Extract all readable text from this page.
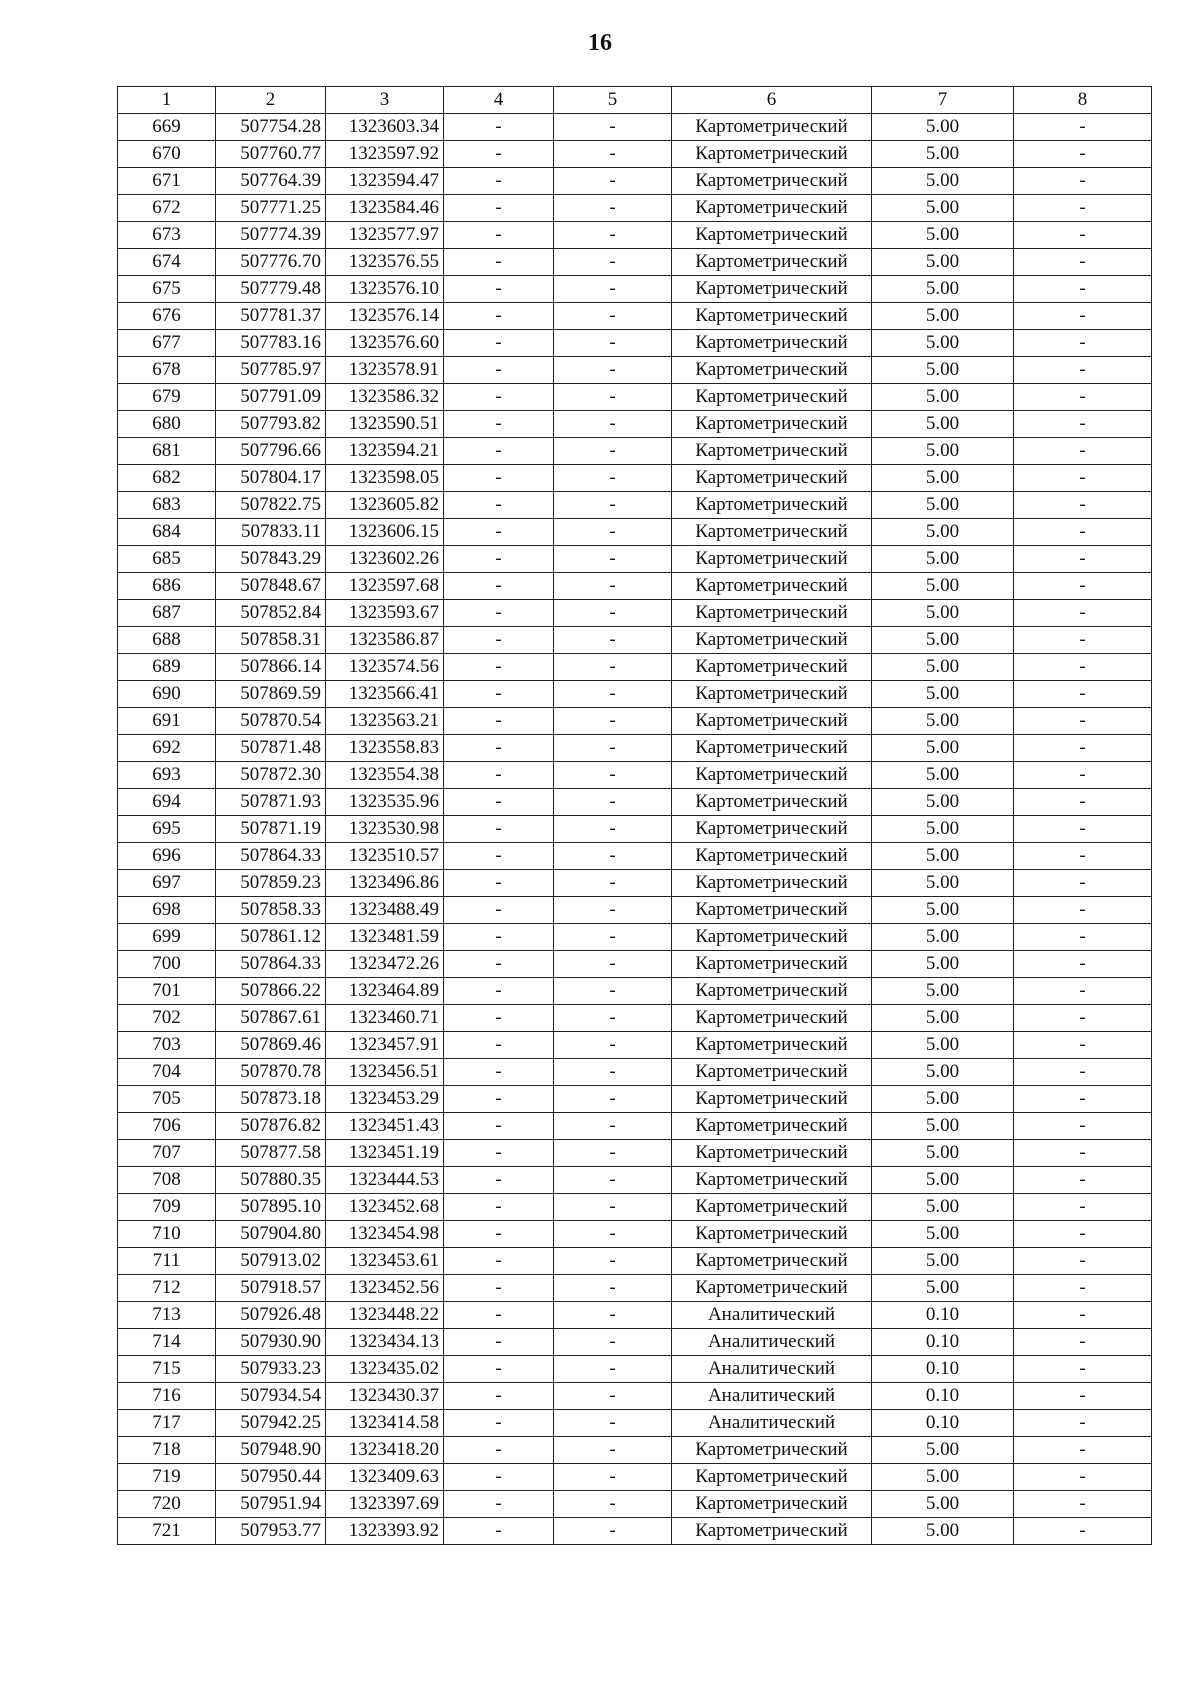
16
1	2	3	4	5	6	7	8
669	507754.28	1323603.34	-	-	Картометрический	5.00	-
670	507760.77	1323597.92	-	-	Картометрический	5.00	-
671	507764.39	1323594.47	-	-	Картометрический	5.00	-
672	507771.25	1323584.46	-	-	Картометрический	5.00	-
673	507774.39	1323577.97	-	-	Картометрический	5.00	-
674	507776.70	1323576.55	-	-	Картометрический	5.00	-
675	507779.48	1323576.10	-	-	Картометрический	5.00	-
676	507781.37	1323576.14	-	-	Картометрический	5.00	-
677	507783.16	1323576.60	-	-	Картометрический	5.00	-
678	507785.97	1323578.91	-	-	Картометрический	5.00	-
679	507791.09	1323586.32	-	-	Картометрический	5.00	-
680	507793.82	1323590.51	-	-	Картометрический	5.00	-
681	507796.66	1323594.21	-	-	Картометрический	5.00	-
682	507804.17	1323598.05	-	-	Картометрический	5.00	-
683	507822.75	1323605.82	-	-	Картометрический	5.00	-
684	507833.11	1323606.15	-	-	Картометрический	5.00	-
685	507843.29	1323602.26	-	-	Картометрический	5.00	-
686	507848.67	1323597.68	-	-	Картометрический	5.00	-
687	507852.84	1323593.67	-	-	Картометрический	5.00	-
688	507858.31	1323586.87	-	-	Картометрический	5.00	-
689	507866.14	1323574.56	-	-	Картометрический	5.00	-
690	507869.59	1323566.41	-	-	Картометрический	5.00	-
691	507870.54	1323563.21	-	-	Картометрический	5.00	-
692	507871.48	1323558.83	-	-	Картометрический	5.00	-
693	507872.30	1323554.38	-	-	Картометрический	5.00	-
694	507871.93	1323535.96	-	-	Картометрический	5.00	-
695	507871.19	1323530.98	-	-	Картометрический	5.00	-
696	507864.33	1323510.57	-	-	Картометрический	5.00	-
697	507859.23	1323496.86	-	-	Картометрический	5.00	-
698	507858.33	1323488.49	-	-	Картометрический	5.00	-
699	507861.12	1323481.59	-	-	Картометрический	5.00	-
700	507864.33	1323472.26	-	-	Картометрический	5.00	-
701	507866.22	1323464.89	-	-	Картометрический	5.00	-
702	507867.61	1323460.71	-	-	Картометрический	5.00	-
703	507869.46	1323457.91	-	-	Картометрический	5.00	-
704	507870.78	1323456.51	-	-	Картометрический	5.00	-
705	507873.18	1323453.29	-	-	Картометрический	5.00	-
706	507876.82	1323451.43	-	-	Картометрический	5.00	-
707	507877.58	1323451.19	-	-	Картометрический	5.00	-
708	507880.35	1323444.53	-	-	Картометрический	5.00	-
709	507895.10	1323452.68	-	-	Картометрический	5.00	-
710	507904.80	1323454.98	-	-	Картометрический	5.00	-
711	507913.02	1323453.61	-	-	Картометрический	5.00	-
712	507918.57	1323452.56	-	-	Картометрический	5.00	-
713	507926.48	1323448.22	-	-	Аналитический	0.10	-
714	507930.90	1323434.13	-	-	Аналитический	0.10	-
715	507933.23	1323435.02	-	-	Аналитический	0.10	-
716	507934.54	1323430.37	-	-	Аналитический	0.10	-
717	507942.25	1323414.58	-	-	Аналитический	0.10	-
718	507948.90	1323418.20	-	-	Картометрический	5.00	-
719	507950.44	1323409.63	-	-	Картометрический	5.00	-
720	507951.94	1323397.69	-	-	Картометрический	5.00	-
721	507953.77	1323393.92	-	-	Картометрический	5.00	-
